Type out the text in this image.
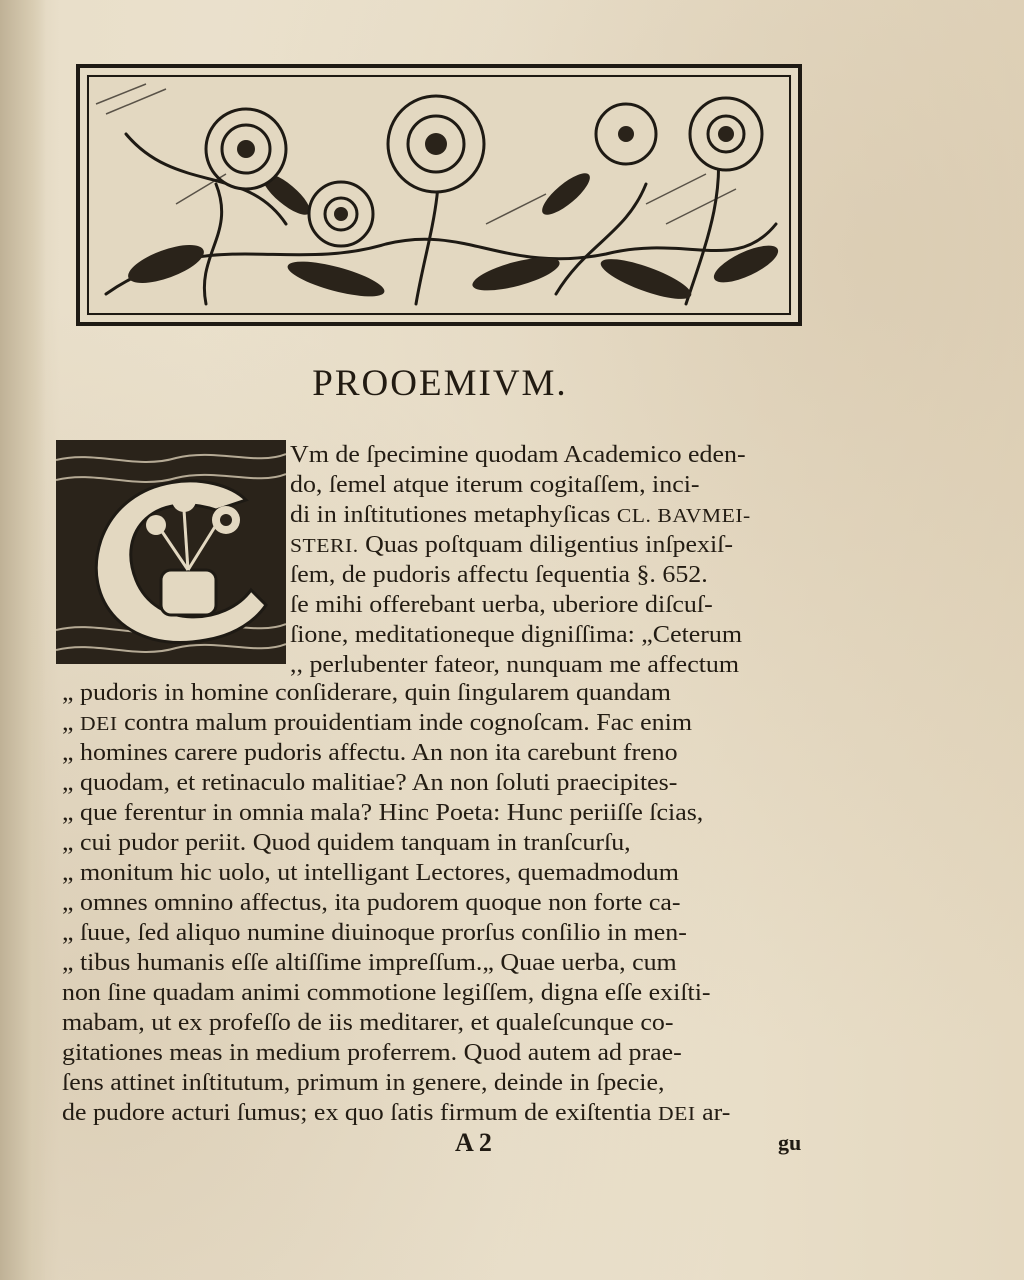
PROOEMIVM.
Vm de ſpecimine quodam Academico eden-
do, ſemel atque iterum cogitaſſem, inci-
di in inſtitutiones metaphyſicas CL. BAVMEI-
STERI. Quas poſtquam diligentius inſpexiſ-
ſem, de pudoris affectu ſequentia §. 652.
ſe mihi offerebant uerba, uberiore diſcuſ-
ſione, meditationeque digniſſima: „Ceterum
,, perlubenter fateor, nunquam me affectum
„ pudoris in homine conſiderare, quin ſingularem quandam
„ DEI contra malum prouidentiam inde cognoſcam. Fac enim
„ homines carere pudoris affectu. An non ita carebunt freno
„ quodam, et retinaculo malitiae? An non ſoluti praecipites-
„ que ferentur in omnia mala? Hinc Poeta: Hunc periiſſe ſcias,
„ cui pudor periit. Quod quidem tanquam in tranſcurſu,
„ monitum hic uolo, ut intelligant Lectores, quemadmodum
„ omnes omnino affectus, ita pudorem quoque non forte ca-
„ ſuue, ſed aliquo numine diuinoque prorſus conſilio in men-
„ tibus humanis eſſe altiſſime impreſſum.„ Quae uerba, cum
non ſine quadam animi commotione legiſſem, digna eſſe exiſti-
mabam, ut ex profeſſo de iis meditarer, et qualeſcunque co-
gitationes meas in medium proferrem. Quod autem ad prae-
ſens attinet inſtitutum, primum in genere, deinde in ſpecie,
de pudore acturi ſumus; ex quo ſatis firmum de exiſtentia DEI ar-
A 2	gu
